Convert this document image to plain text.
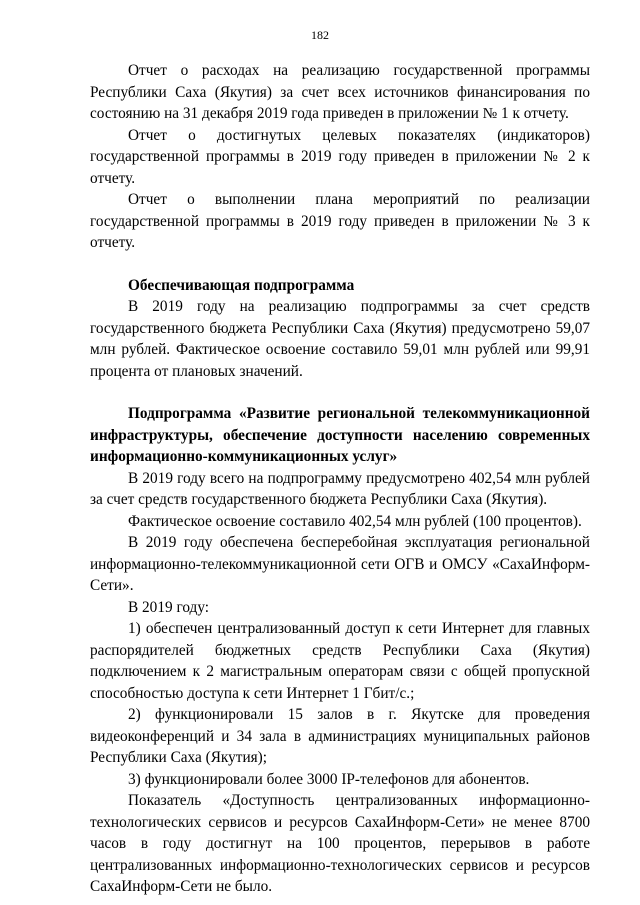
182

Отчет о расходах на реализацию государственной программы Республики Саха (Якутия) за счет всех источников финансирования по состоянию на 31 декабря 2019 года приведен в приложении № 1 к отчету.

Отчет о достигнутых целевых показателях (индикаторов) государственной программы в 2019 году приведен в приложении № 2 к отчету.

Отчет о выполнении плана мероприятий по реализации государственной программы в 2019 году приведен в приложении № 3 к отчету.

Обеспечивающая подпрограмма

В 2019 году на реализацию подпрограммы за счет средств государственного бюджета Республики Саха (Якутия) предусмотрено 59,07 млн рублей. Фактическое освоение составило 59,01 млн рублей или 99,91 процента от плановых значений.

Подпрограмма «Развитие региональной телекоммуникационной инфраструктуры, обеспечение доступности населению современных информационно-коммуникационных услуг»

В 2019 году всего на подпрограмму предусмотрено 402,54 млн рублей за счет средств государственного бюджета Республики Саха (Якутия).

Фактическое освоение составило 402,54 млн рублей (100 процентов).

В 2019 году обеспечена бесперебойная эксплуатация региональной информационно-телекоммуникационной сети ОГВ и ОМСУ «СахаИнформ-Сети».

В 2019 году:

1) обеспечен централизованный доступ к сети Интернет для главных распорядителей бюджетных средств Республики Саха (Якутия) подключением к 2 магистральным операторам связи с общей пропускной способностью доступа к сети Интернет 1 Гбит/с.;

2) функционировали 15 залов в г. Якутске для проведения видеоконференций и 34 зала в администрациях муниципальных районов Республики Саха (Якутия);

3) функционировали более 3000 IP-телефонов для абонентов.

Показатель «Доступность централизованных информационно-технологических сервисов и ресурсов СахаИнформ-Сети» не менее 8700 часов в году достигнут на 100 процентов, перерывов в работе централизованных информационно-технологических сервисов и ресурсов СахаИнформ-Сети не было.
